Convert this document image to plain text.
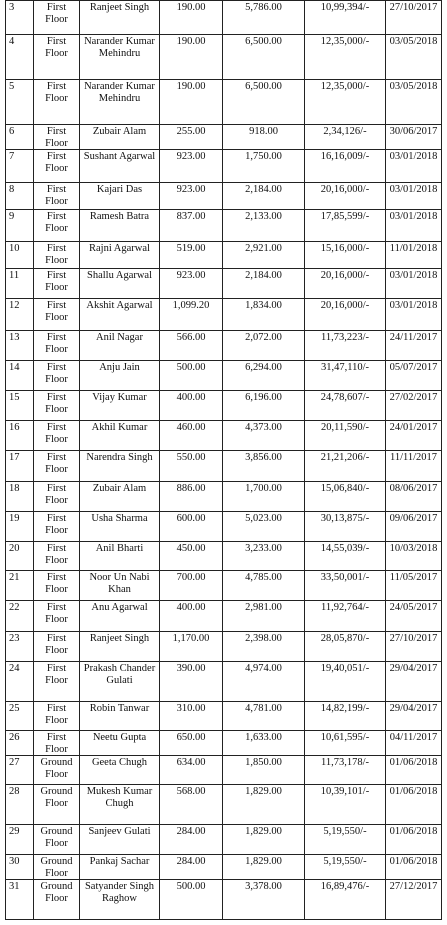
3	First Floor	Ranjeet Singh	190.00	5,786.00	10,99,394/-	27/10/2017
4	First Floor	Narander Kumar Mehindru	190.00	6,500.00	12,35,000/-	03/05/2018
5	First Floor	Narander Kumar Mehindru	190.00	6,500.00	12,35,000/-	03/05/2018
6	First Floor	Zubair Alam	255.00	918.00	2,34,126/-	30/06/2017
7	First Floor	Sushant Agarwal	923.00	1,750.00	16,16,009/-	03/01/2018
8	First Floor	Kajari Das	923.00	2,184.00	20,16,000/-	03/01/2018
9	First Floor	Ramesh Batra	837.00	2,133.00	17,85,599/-	03/01/2018
10	First Floor	Rajni Agarwal	519.00	2,921.00	15,16,000/-	11/01/2018
11	First Floor	Shallu Agarwal	923.00	2,184.00	20,16,000/-	03/01/2018
12	First Floor	Akshit Agarwal	1,099.20	1,834.00	20,16,000/-	03/01/2018
13	First Floor	Anil Nagar	566.00	2,072.00	11,73,223/-	24/11/2017
14	First Floor	Anju Jain	500.00	6,294.00	31,47,110/-	05/07/2017
15	First Floor	Vijay Kumar	400.00	6,196.00	24,78,607/-	27/02/2017
16	First Floor	Akhil Kumar	460.00	4,373.00	20,11,590/-	24/01/2017
17	First Floor	Narendra Singh	550.00	3,856.00	21,21,206/-	11/11/2017
18	First Floor	Zubair Alam	886.00	1,700.00	15,06,840/-	08/06/2017
19	First Floor	Usha Sharma	600.00	5,023.00	30,13,875/-	09/06/2017
20	First Floor	Anil Bharti	450.00	3,233.00	14,55,039/-	10/03/2018
21	First Floor	Noor Un Nabi Khan	700.00	4,785.00	33,50,001/-	11/05/2017
22	First Floor	Anu Agarwal	400.00	2,981.00	11,92,764/-	24/05/2017
23	First Floor	Ranjeet Singh	1,170.00	2,398.00	28,05,870/-	27/10/2017
24	First Floor	Prakash Chander Gulati	390.00	4,974.00	19,40,051/-	29/04/2017
25	First Floor	Robin Tanwar	310.00	4,781.00	14,82,199/-	29/04/2017
26	First Floor	Neetu Gupta	650.00	1,633.00	10,61,595/-	04/11/2017
27	Ground Floor	Geeta Chugh	634.00	1,850.00	11,73,178/-	01/06/2018
28	Ground Floor	Mukesh Kumar Chugh	568.00	1,829.00	10,39,101/-	01/06/2018
29	Ground Floor	Sanjeev Gulati	284.00	1,829.00	5,19,550/-	01/06/2018
30	Ground Floor	Pankaj Sachar	284.00	1,829.00	5,19,550/-	01/06/2018
31	Ground Floor	Satyander Singh Raghow	500.00	3,378.00	16,89,476/-	27/12/2017
